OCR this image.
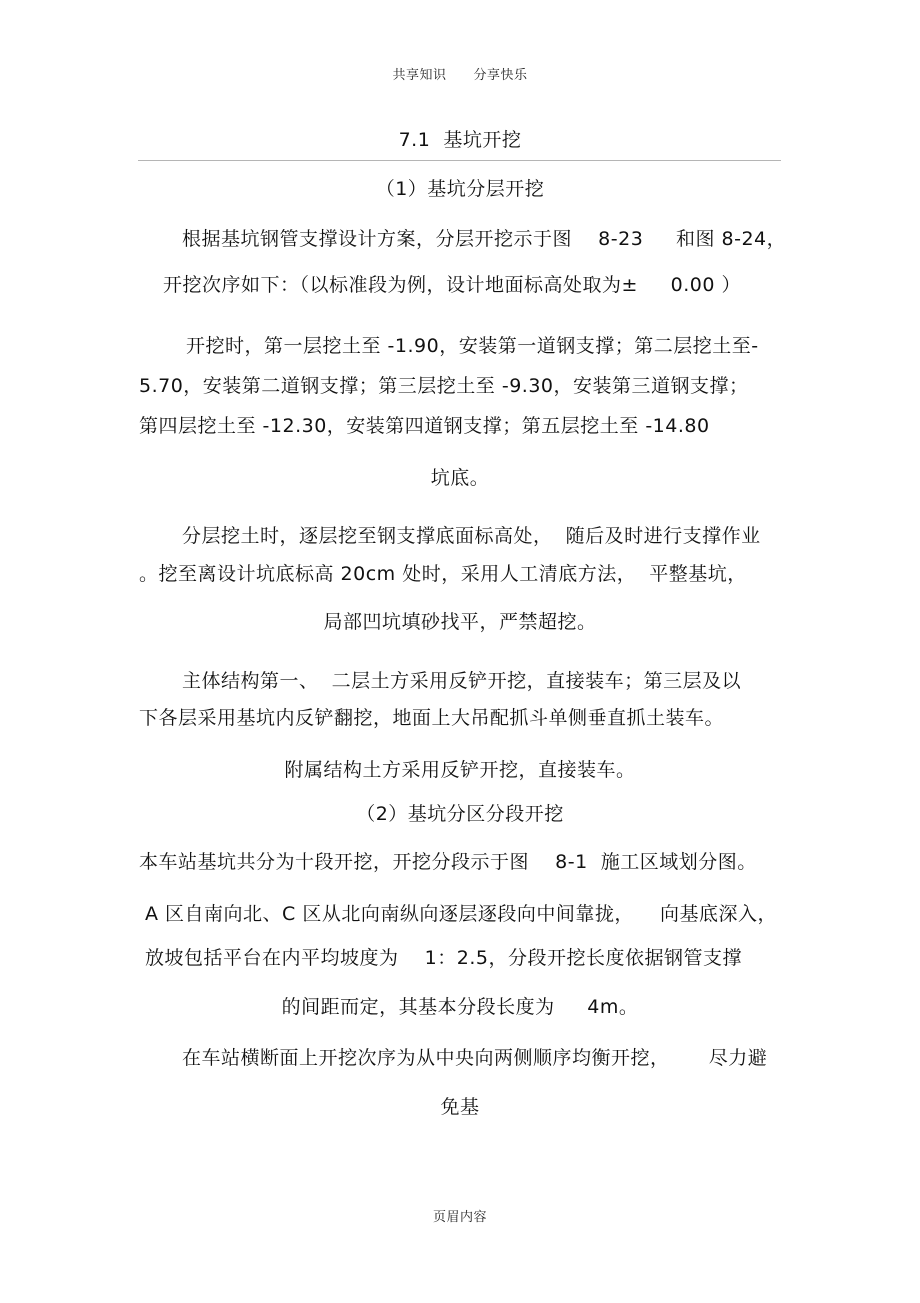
共享知识　　分享快乐
7.1  基坑开挖
（1）基坑分层开挖
根据基坑钢管支撑设计方案，分层开挖示于图    8-23     和图 8-24，
开挖次序如下：（以标准段为例，设计地面标高处取为±     0.00 ）
开挖时，第一层挖土至 -1.90，安装第一道钢支撑；第二层挖土至-
5.70，安装第二道钢支撑；第三层挖土至 -9.30，安装第三道钢支撑；
第四层挖土至 -12.30，安装第四道钢支撑；第五层挖土至 -14.80
坑底。
分层挖土时，逐层挖至钢支撑底面标高处，  随后及时进行支撑作业
。挖至离设计坑底标高 20cm 处时，采用人工清底方法，  平整基坑，
局部凹坑填砂找平，严禁超挖。
主体结构第一、  二层土方采用反铲开挖，直接装车；第三层及以
下各层采用基坑内反铲翻挖，地面上大吊配抓斗单侧垂直抓土装车。
附属结构土方采用反铲开挖，直接装车。
（2）基坑分区分段开挖
本车站基坑共分为十段开挖，开挖分段示于图    8-1  施工区域划分图。
A 区自南向北、C 区从北向南纵向逐层逐段向中间靠拢，    向基底深入，
放坡包括平台在内平均坡度为    1：2.5，分段开挖长度依据钢管支撑
的间距而定，其基本分段长度为     4m。
在车站横断面上开挖次序为从中央向两侧顺序均衡开挖，      尽力避
免基
页眉内容
